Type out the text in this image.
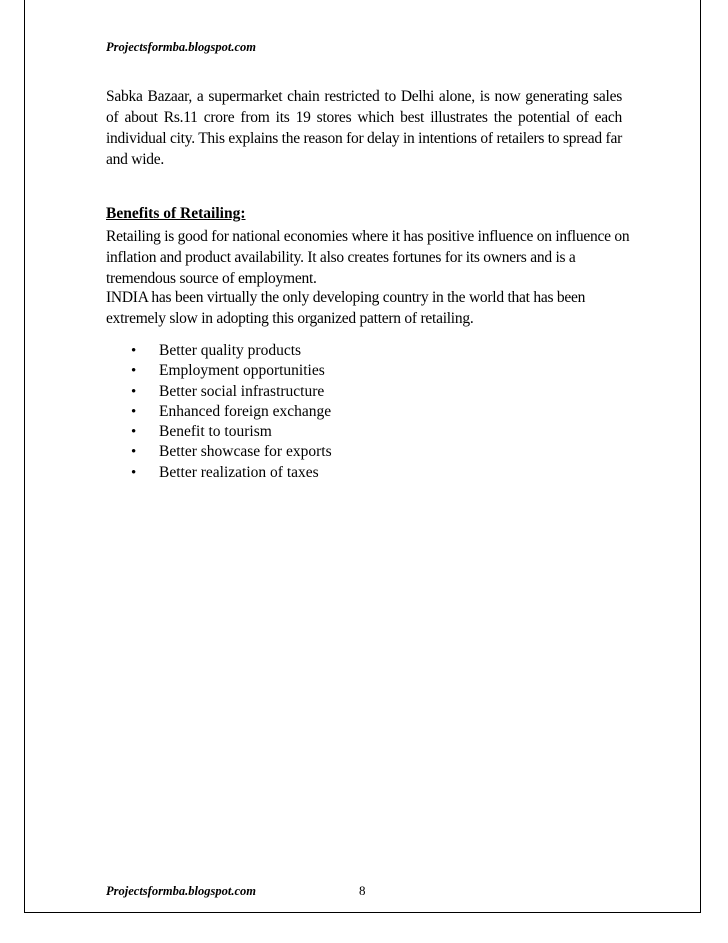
Projectsformba.blogspot.com

Sabka Bazaar, a supermarket chain restricted to Delhi alone, is now generating sales of about Rs.11 crore from its 19 stores which best illustrates the potential of each individual city. This explains the reason for delay in intentions of retailers to spread far and wide.

Benefits of Retailing:

Retailing is good for national economies where it has positive influence on influence on inflation and product availability. It also creates fortunes for its owners and is a tremendous source of employment.

INDIA has been virtually the only developing country in the world that has been extremely slow in adopting this organized pattern of retailing.

• Better quality products
• Employment opportunities
• Better social infrastructure
• Enhanced foreign exchange
• Benefit to tourism
• Better showcase for exports
• Better realization of taxes

Projectsformba.blogspot.com	8
